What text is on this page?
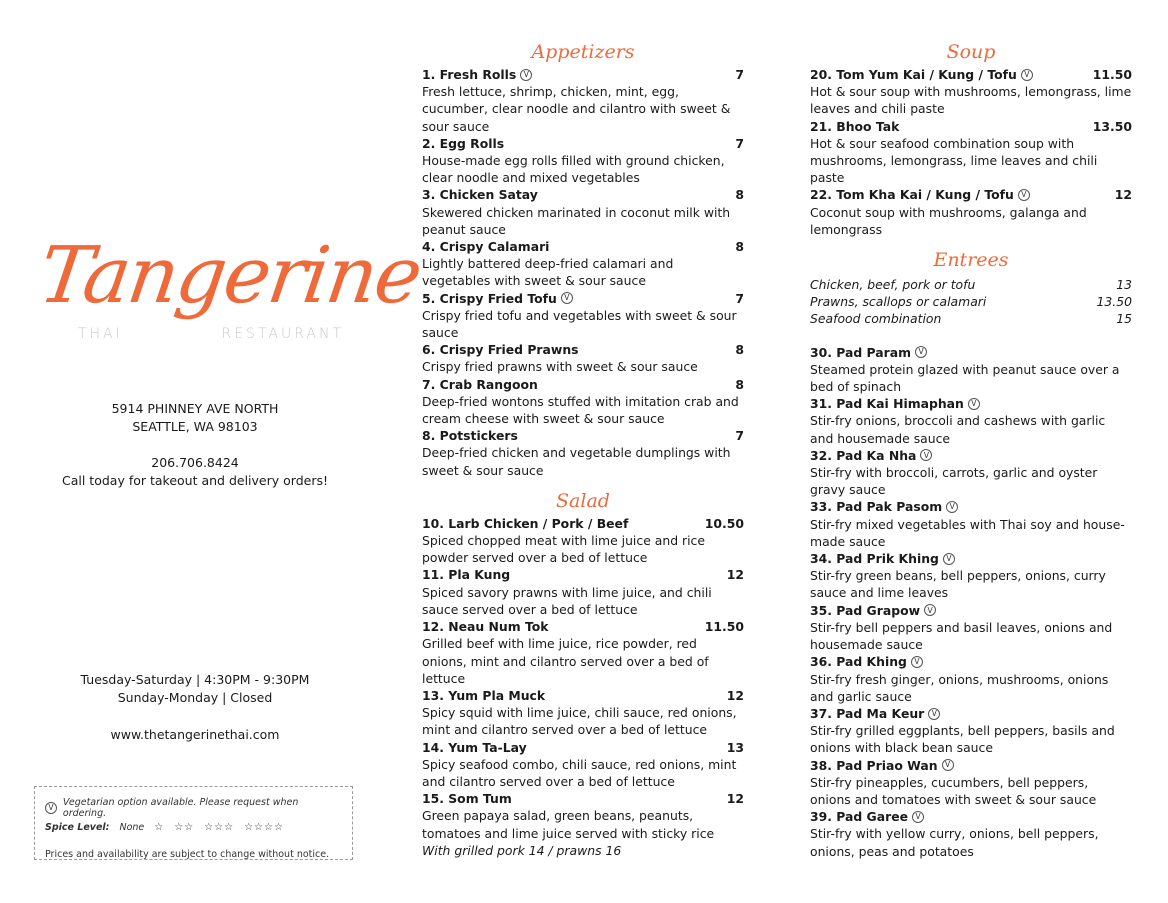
Tangerine
THAI	RESTAURANT
5914 PHINNEY AVE NORTH
SEATTLE, WA 98103
206.706.8424
Call today for takeout and delivery orders!
Tuesday-Saturday | 4:30PM - 9:30PM
Sunday-Monday | Closed
www.thetangerinethai.com
V Vegetarian option available. Please request when ordering.
Spice Level: None ☆ ☆☆ ☆☆☆ ☆☆☆☆
Prices and availability are subject to change without notice.
Appetizers
1. Fresh Rolls V	7
Fresh lettuce, shrimp, chicken, mint, egg, cucumber, clear noodle and cilantro with sweet & sour sauce
2. Egg Rolls	7
House-made egg rolls filled with ground chicken, clear noodle and mixed vegetables
3. Chicken Satay	8
Skewered chicken marinated in coconut milk with peanut sauce
4. Crispy Calamari	8
Lightly battered deep-fried calamari and vegetables with sweet & sour sauce
5. Crispy Fried Tofu V	7
Crispy fried tofu and vegetables with sweet & sour sauce
6. Crispy Fried Prawns	8
Crispy fried prawns with sweet & sour sauce
7. Crab Rangoon	8
Deep-fried wontons stuffed with imitation crab and cream cheese with sweet & sour sauce
8. Potstickers	7
Deep-fried chicken and vegetable dumplings with sweet & sour sauce
Salad
10. Larb Chicken / Pork / Beef	10.50
Spiced chopped meat with lime juice and rice powder served over a bed of lettuce
11. Pla Kung	12
Spiced savory prawns with lime juice, and chili sauce served over a bed of lettuce
12. Neau Num Tok	11.50
Grilled beef with lime juice, rice powder, red onions, mint and cilantro served over a bed of lettuce
13. Yum Pla Muck	12
Spicy squid with lime juice, chili sauce, red onions, mint and cilantro served over a bed of lettuce
14. Yum Ta-Lay	13
Spicy seafood combo, chili sauce, red onions, mint and cilantro served over a bed of lettuce
15. Som Tum	12
Green papaya salad, green beans, peanuts, tomatoes and lime juice served with sticky rice
With grilled pork 14 / prawns 16
Soup
20. Tom Yum Kai / Kung / Tofu V	11.50
Hot & sour soup with mushrooms, lemongrass, lime leaves and chili paste
21. Bhoo Tak	13.50
Hot & sour seafood combination soup with mushrooms, lemongrass, lime leaves and chili paste
22. Tom Kha Kai / Kung / Tofu V	12
Coconut soup with mushrooms, galanga and lemongrass
Entrees
Chicken, beef, pork or tofu	13
Prawns, scallops or calamari	13.50
Seafood combination	15
30. Pad Param V
Steamed protein glazed with peanut sauce over a bed of spinach
31. Pad Kai Himaphan V
Stir-fry onions, broccoli and cashews with garlic and housemade sauce
32. Pad Ka Nha V
Stir-fry with broccoli, carrots, garlic and oyster gravy sauce
33. Pad Pak Pasom V
Stir-fry mixed vegetables with Thai soy and house-made sauce
34. Pad Prik Khing V
Stir-fry green beans, bell peppers, onions, curry sauce and lime leaves
35. Pad Grapow V
Stir-fry bell peppers and basil leaves, onions and housemade sauce
36. Pad Khing V
Stir-fry fresh ginger, onions, mushrooms, onions and garlic sauce
37. Pad Ma Keur V
Stir-fry grilled eggplants, bell peppers, basils and onions with black bean sauce
38. Pad Priao Wan V
Stir-fry pineapples, cucumbers, bell peppers, onions and tomatoes with sweet & sour sauce
39. Pad Garee V
Stir-fry with yellow curry, onions, bell peppers, onions, peas and potatoes
